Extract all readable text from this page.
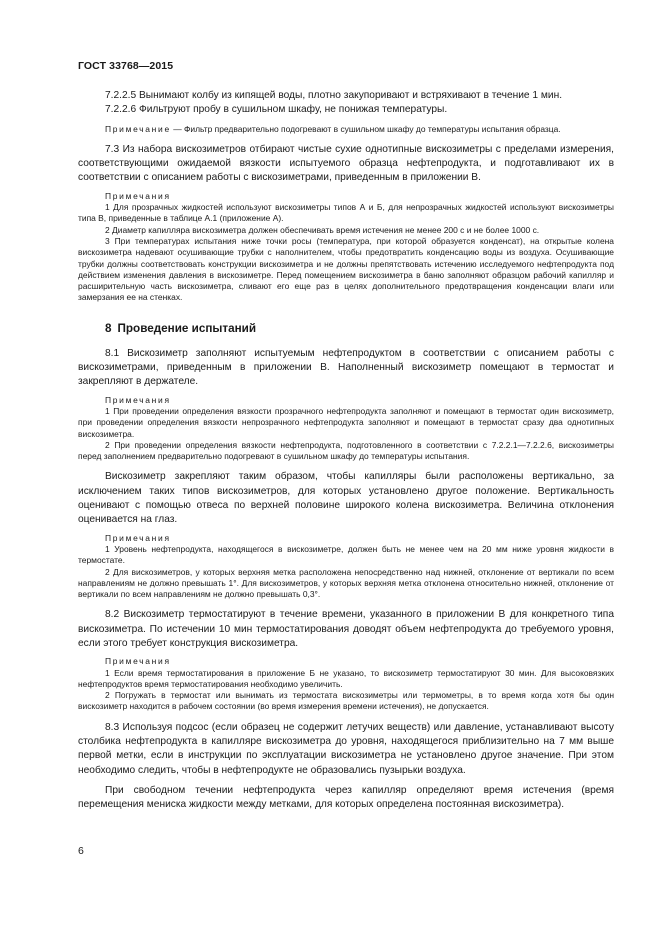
ГОСТ 33768—2015

7.2.2.5 Вынимают колбу из кипящей воды, плотно закупоривают и встряхивают в течение 1 мин.

7.2.2.6 Фильтруют пробу в сушильном шкафу, не понижая температуры.

Примечание — Фильтр предварительно подогревают в сушильном шкафу до температуры испытания образца.

7.3 Из набора вискозиметров отбирают чистые сухие однотипные вискозиметры с пределами измерения, соответствующими ожидаемой вязкости испытуемого образца нефтепродукта, и подготавливают их в соответствии с описанием работы с вискозиметрами, приведенным в приложении В.

Примечания

1 Для прозрачных жидкостей используют вискозиметры типов А и Б, для непрозрачных жидкостей используют вискозиметры типа В, приведенные в таблице А.1 (приложение А).

2 Диаметр капилляра вискозиметра должен обеспечивать время истечения не менее 200 с и не более 1000 с.

3 При температурах испытания ниже точки росы (температура, при которой образуется конденсат), на открытые колена вискозиметра надевают осушивающие трубки с наполнителем, чтобы предотвратить конденсацию воды из воздуха. Осушивающие трубки должны соответствовать конструкции вискозиметра и не должны препятствовать истечению исследуемого нефтепродукта под действием изменения давления в вискозиметре. Перед помещением вискозиметра в баню заполняют образцом рабочий капилляр и расширительную часть вискозиметра, сливают его еще раз в целях дополнительного предотвращения конденсации влаги или замерзания ее на стенках.

8 Проведение испытаний

8.1 Вискозиметр заполняют испытуемым нефтепродуктом в соответствии с описанием работы с вискозиметрами, приведенным в приложении В. Наполненный вискозиметр помещают в термостат и закрепляют в держателе.

Примечания

1 При проведении определения вязкости прозрачного нефтепродукта заполняют и помещают в термостат один вискозиметр, при проведении определения вязкости непрозрачного нефтепродукта заполняют и помещают в термостат сразу два однотипных вискозиметра.

2 При проведении определения вязкости нефтепродукта, подготовленного в соответствии с 7.2.2.1—7.2.2.6, вискозиметры перед заполнением предварительно подогревают в сушильном шкафу до температуры испытания.

Вискозиметр закрепляют таким образом, чтобы капилляры были расположены вертикально, за исключением таких типов вискозиметров, для которых установлено другое положение. Вертикальность оценивают с помощью отвеса по верхней половине широкого колена вискозиметра. Величина отклонения оценивается на глаз.

Примечания

1 Уровень нефтепродукта, находящегося в вискозиметре, должен быть не менее чем на 20 мм ниже уровня жидкости в термостате.

2 Для вискозиметров, у которых верхняя метка расположена непосредственно над нижней, отклонение от вертикали по всем направлениям не должно превышать 1°. Для вискозиметров, у которых верхняя метка отклонена относительно нижней, отклонение от вертикали по всем направлениям не должно превышать 0,3°.

8.2 Вискозиметр термостатируют в течение времени, указанного в приложении В для конкретного типа вискозиметра. По истечении 10 мин термостатирования доводят объем нефтепродукта до требуемого уровня, если этого требует конструкция вискозиметра.

Примечания

1 Если время термостатирования в приложение Б не указано, то вискозиметр термостатируют 30 мин. Для высоковязких нефтепродуктов время термостатирования необходимо увеличить.

2 Погружать в термостат или вынимать из термостата вискозиметры или термометры, в то время когда хотя бы один вискозиметр находится в рабочем состоянии (во время измерения времени истечения), не допускается.

8.3 Используя подсос (если образец не содержит летучих веществ) или давление, устанавливают высоту столбика нефтепродукта в капилляре вискозиметра до уровня, находящегося приблизительно на 7 мм выше первой метки, если в инструкции по эксплуатации вискозиметра не установлено другое значение. При этом необходимо следить, чтобы в нефтепродукте не образовались пузырьки воздуха.

При свободном течении нефтепродукта через капилляр определяют время истечения (время перемещения мениска жидкости между метками, для которых определена постоянная вискозиметра).

6
